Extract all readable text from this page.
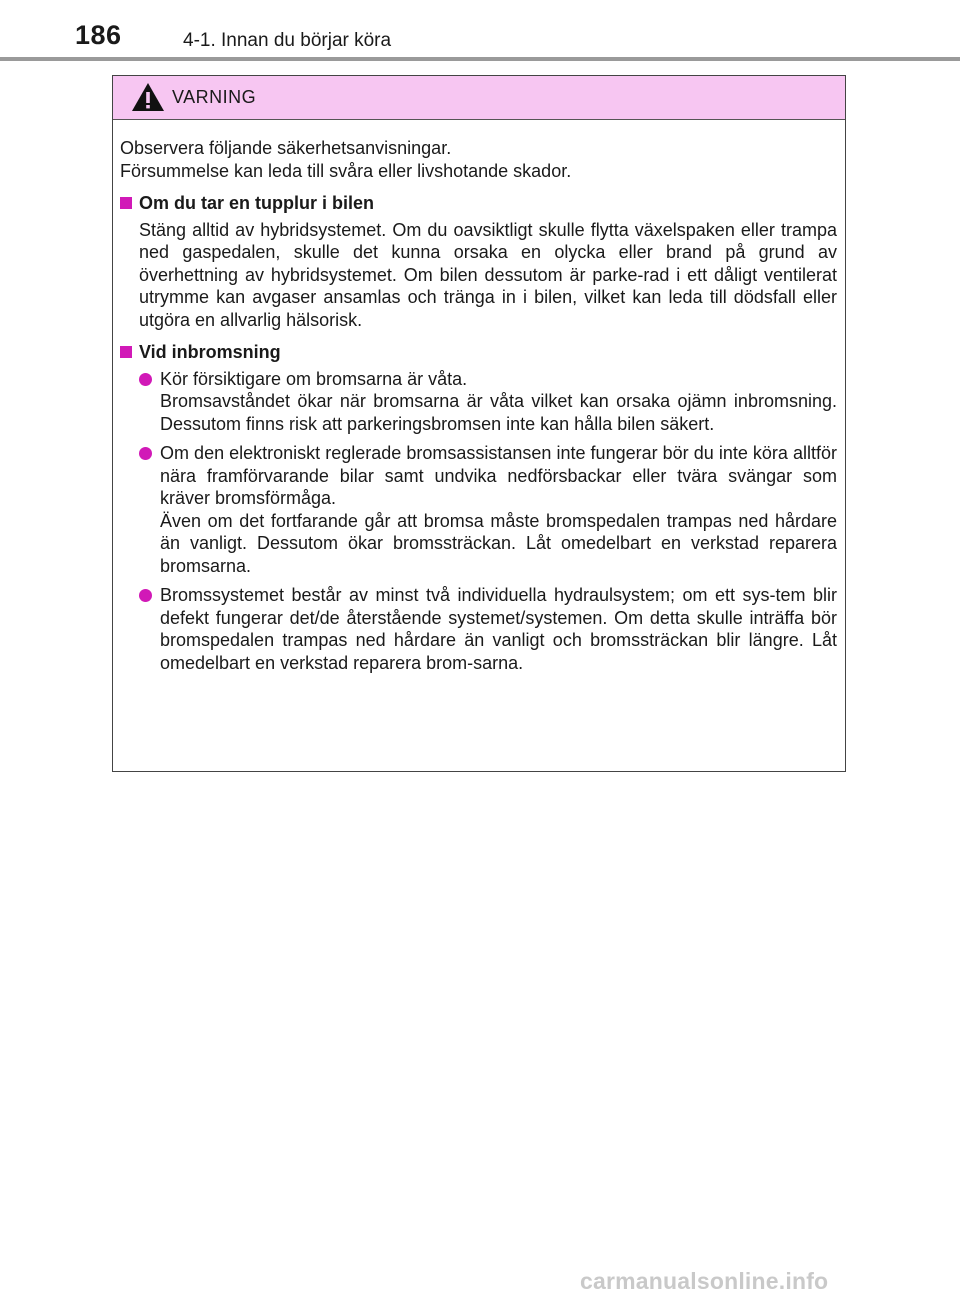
186	4-1. Innan du börjar köra
VARNING

Observera följande säkerhetsanvisningar.

Försummelse kan leda till svåra eller livshotande skador.

Om du tar en tupplur i bilen

Stäng alltid av hybridsystemet. Om du oavsiktligt skulle flytta växelspaken eller trampa ned gaspedalen, skulle det kunna orsaka en olycka eller brand på grund av överhettning av hybridsystemet. Om bilen dessutom är parke-rad i ett dåligt ventilerat utrymme kan avgaser ansamlas och tränga in i bilen, vilket kan leda till dödsfall eller utgöra en allvarlig hälsorisk.

Vid inbromsning

Kör försiktigare om bromsarna är våta.

Bromsavståndet ökar när bromsarna är våta vilket kan orsaka ojämn inbromsning. Dessutom finns risk att parkeringsbromsen inte kan hålla bilen säkert.

Om den elektroniskt reglerade bromsassistansen inte fungerar bör du inte köra alltför nära framförvarande bilar samt undvika nedförsbackar eller tvära svängar som kräver bromsförmåga.

Även om det fortfarande går att bromsa måste bromspedalen trampas ned hårdare än vanligt. Dessutom ökar bromssträckan. Låt omedelbart en verkstad reparera bromsarna.

Bromssystemet består av minst två individuella hydraulsystem; om ett sys-tem blir defekt fungerar det/de återstående systemet/systemen. Om detta skulle inträffa bör bromspedalen trampas ned hårdare än vanligt och bromssträckan blir längre. Låt omedelbart en verkstad reparera brom-sarna.

carmanualsonline.info
